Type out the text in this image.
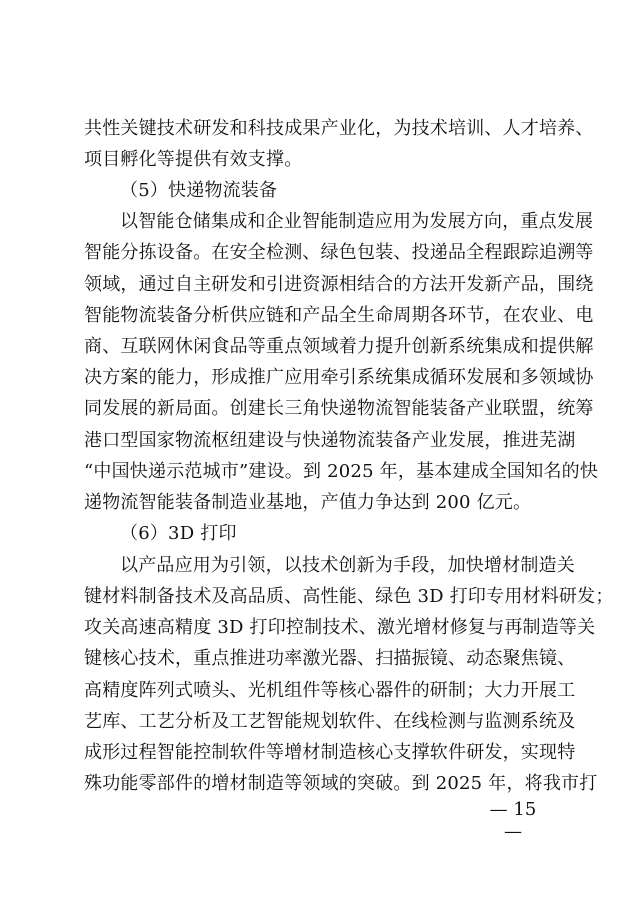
共性关键技术研发和科技成果产业化，为技术培训、人才培养、
项目孵化等提供有效支撑。
（5）快递物流装备
以智能仓储集成和企业智能制造应用为发展方向，重点发展
智能分拣设备。在安全检测、绿色包装、投递品全程跟踪追溯等
领域，通过自主研发和引进资源相结合的方法开发新产品，围绕
智能物流装备分析供应链和产品全生命周期各环节，在农业、电
商、互联网休闲食品等重点领域着力提升创新系统集成和提供解
决方案的能力，形成推广应用牵引系统集成循环发展和多领域协
同发展的新局面。创建长三角快递物流智能装备产业联盟，统筹
港口型国家物流枢纽建设与快递物流装备产业发展，推进芜湖
“中国快递示范城市”建设。到 2025 年，基本建成全国知名的快
递物流智能装备制造业基地，产值力争达到 200 亿元。
（6）3D 打印
以产品应用为引领，以技术创新为手段，加快增材制造关
键材料制备技术及高品质、高性能、绿色 3D 打印专用材料研发；
攻关高速高精度 3D 打印控制技术、激光增材修复与再制造等关
键核心技术，重点推进功率激光器、扫描振镜、动态聚焦镜、
高精度阵列式喷头、光机组件等核心器件的研制；大力开展工
艺库、工艺分析及工艺智能规划软件、在线检测与监测系统及
成形过程智能控制软件等增材制造核心支撑软件研发，实现特
殊功能零部件的增材制造等领域的突破。到 2025 年，将我市打
— 15 —
